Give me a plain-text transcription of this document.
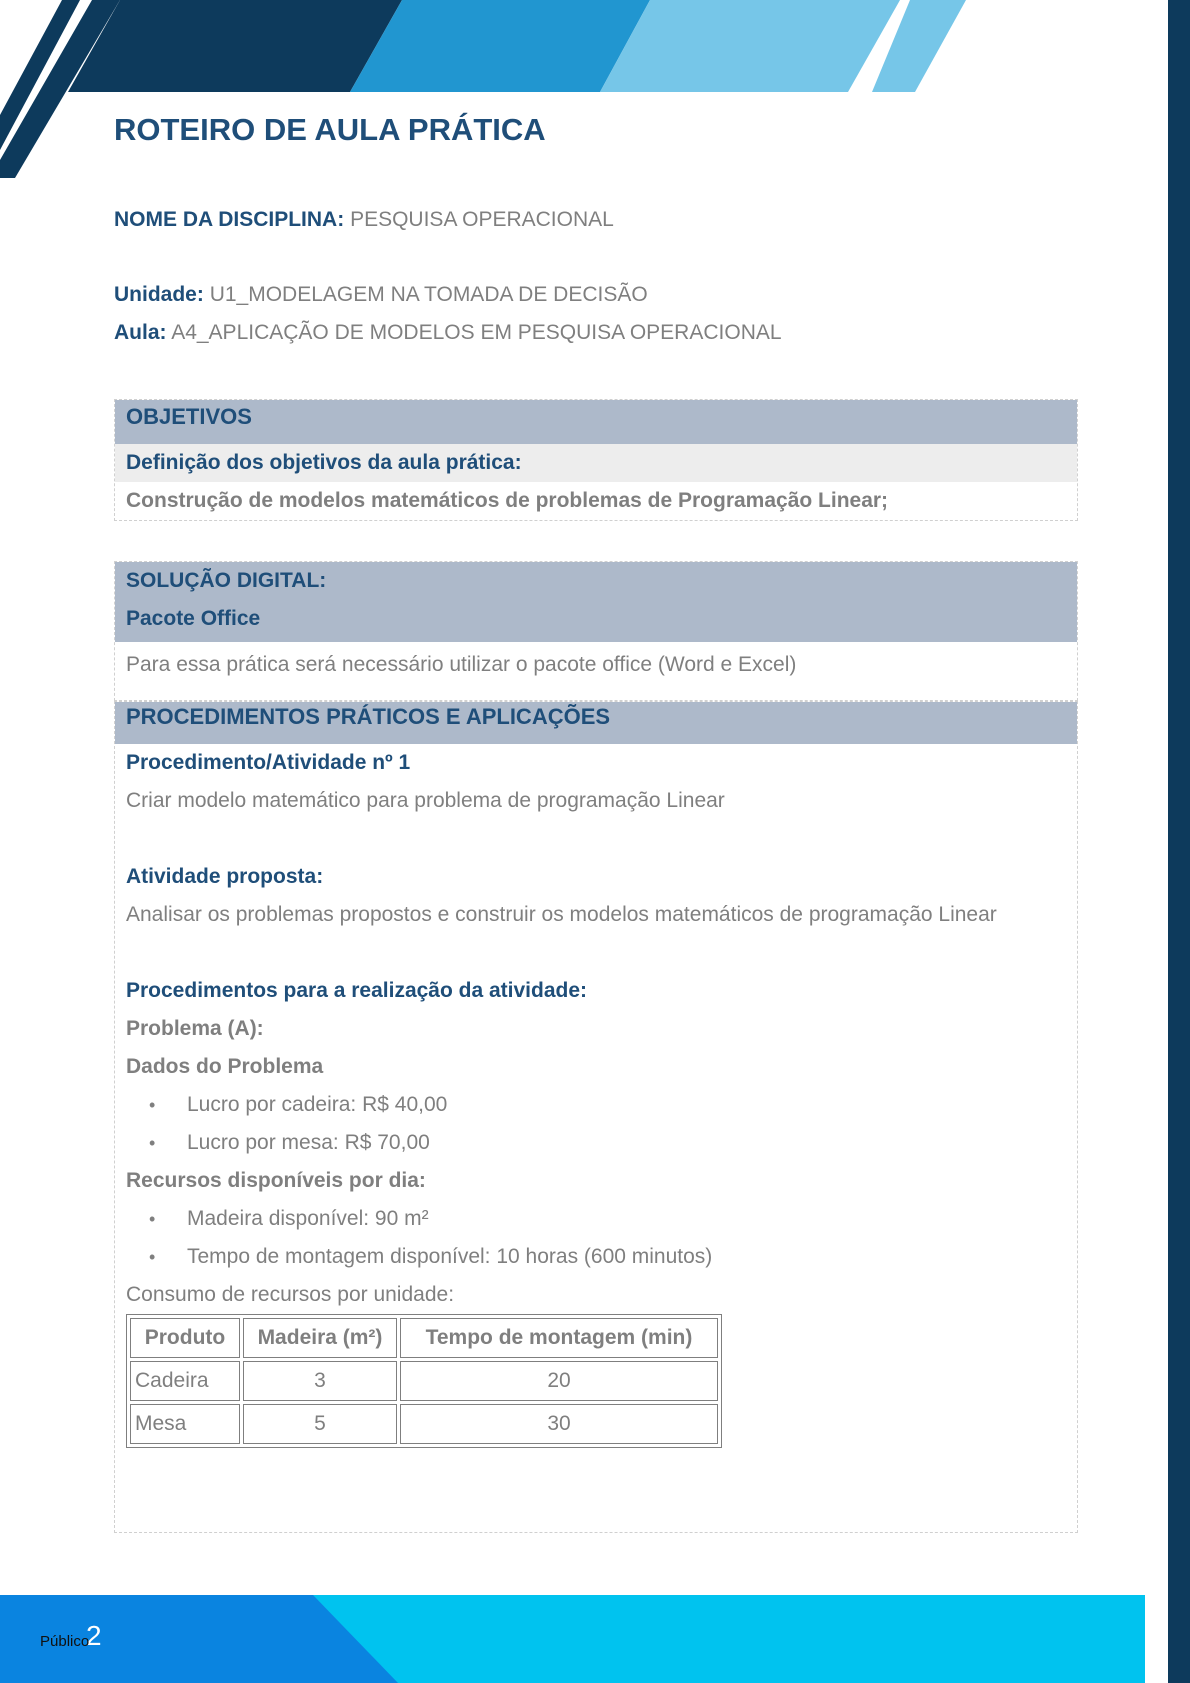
ROTEIRO DE AULA PRÁTICA
NOME DA DISCIPLINA: PESQUISA OPERACIONAL
Unidade: U1_MODELAGEM NA TOMADA DE DECISÃO
Aula: A4_APLICAÇÃO DE MODELOS EM PESQUISA OPERACIONAL
OBJETIVOS
Definição dos objetivos da aula prática:
Construção de modelos matemáticos de problemas de Programação Linear;
SOLUÇÃO DIGITAL:
Pacote Office
Para essa prática será necessário utilizar o pacote office (Word e Excel)
PROCEDIMENTOS PRÁTICOS E APLICAÇÕES
Procedimento/Atividade nº 1
Criar modelo matemático para problema de programação Linear
Atividade proposta:
Analisar os problemas propostos e construir os modelos matemáticos de programação Linear
Procedimentos para a realização da atividade:
Problema (A):
Dados do Problema
• Lucro por cadeira: R$ 40,00
• Lucro por mesa: R$ 70,00
Recursos disponíveis por dia:
• Madeira disponível: 90 m²
• Tempo de montagem disponível: 10 horas (600 minutos)
Consumo de recursos por unidade:
Produto	Madeira (m²)	Tempo de montagem (min)
Cadeira	3	20
Mesa	5	30
2
Público
